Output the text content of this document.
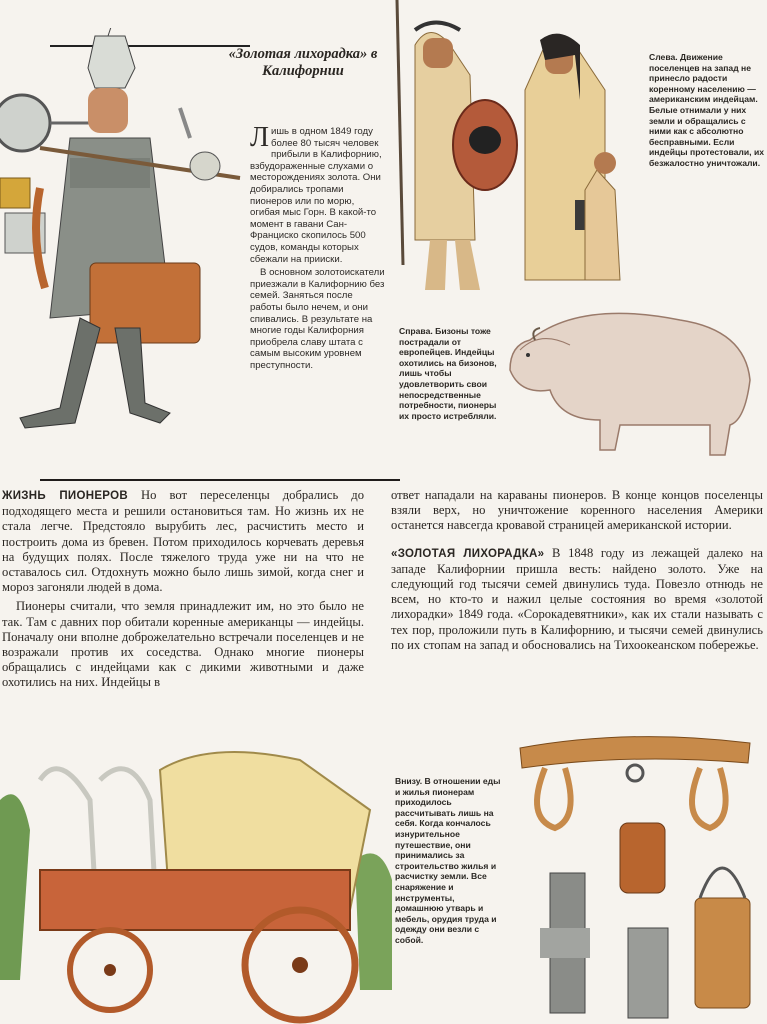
«Золотая лихорадка» в Калифорнии

Лишь в одном 1849 году более 80 тысяч человек прибыли в Калифорнию, взбудораженные слухами о месторождениях золота. Они добирались тропами пионеров или по морю, огибая мыс Горн. В какой-то момент в гавани Сан-Франциско скопилось 500 судов, команды которых сбежали на прииски.

В основном золотоискатели приезжали в Калифорнию без семей. Заняться после работы было нечем, и они спивались. В результате на многие годы Калифорния приобрела славу штата с самым высоким уровнем преступности.

Слева. Движение поселенцев на запад не принесло радости коренному населению — американским индейцам. Белые отнимали у них земли и обращались с ними как с абсолютно бесправными. Если индейцы протестовали, их безжалостно уничтожали.
Справа. Бизоны тоже пострадали от европейцев. Индейцы охотились на бизонов, лишь чтобы удовлетворить свои непосредственные потребности, пионеры их просто истребляли.

ЖИЗНЬ ПИОНЕРОВ Но вот переселенцы добрались до подходящего места и решили остановиться там. Но жизнь их не стала легче. Предстояло вырубить лес, расчистить место и построить дома из бревен. Потом приходилось корчевать деревья на будущих полях. После тяжелого труда уже ни на что не оставалось сил. Отдохнуть можно было лишь зимой, когда снег и мороз загоняли людей в дома.

Пионеры считали, что земля принадлежит им, но это было не так. Там с давних пор обитали коренные американцы — индейцы. Поначалу они вполне доброжелательно встречали поселенцев и не возражали против их соседства. Однако многие пионеры обращались с индейцами как с дикими животными и даже охотились на них. Индейцы в

ответ нападали на караваны пионеров. В конце концов поселенцы взяли верх, но уничтожение коренного населения Америки останется навсегда кровавой страницей американской истории.

«ЗОЛОТАЯ ЛИХОРАДКА» В 1848 году из лежащей далеко на западе Калифорнии пришла весть: найдено золото. Уже на следующий год тысячи семей двинулись туда. Повезло отнюдь не всем, но кто-то и нажил целые состояния во время «золотой лихорадки» 1849 года. «Сорокадевятники», как их стали называть с тех пор, проложили путь в Калифорнию, и тысячи семей двинулись по их стопам на запад и обосновались на Тихоокеанском побережье.

Внизу. В отношении еды и жилья пионерам приходилось рассчитывать лишь на себя. Когда кончалось изнурительное путешествие, они принимались за строительство жилья и расчистку земли. Все снаряжение и инструменты, домашнюю утварь и мебель, орудия труда и одежду они везли с собой.
